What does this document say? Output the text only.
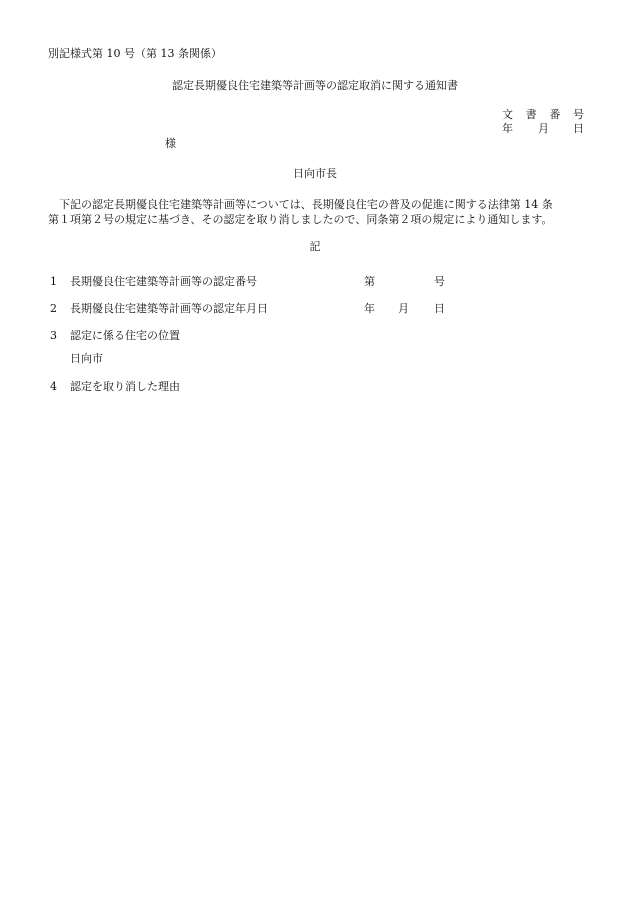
別記様式第 10 号（第 13 条関係）
認定長期優良住宅建築等計画等の認定取消に関する通知書
文 書 番 号
年 月 日
様
日向市長
下記の認定長期優良住宅建築等計画等については、長期優良住宅の普及の促進に関する法律第 14 条
第１項第２号の規定に基づき、その認定を取り消しましたので、同条第２項の規定により通知します。
記
1 長期優良住宅建築等計画等の認定番号	第	号
2 長期優良住宅建築等計画等の認定年月日	年 月 日
3 認定に係る住宅の位置
日向市
4 認定を取り消した理由
